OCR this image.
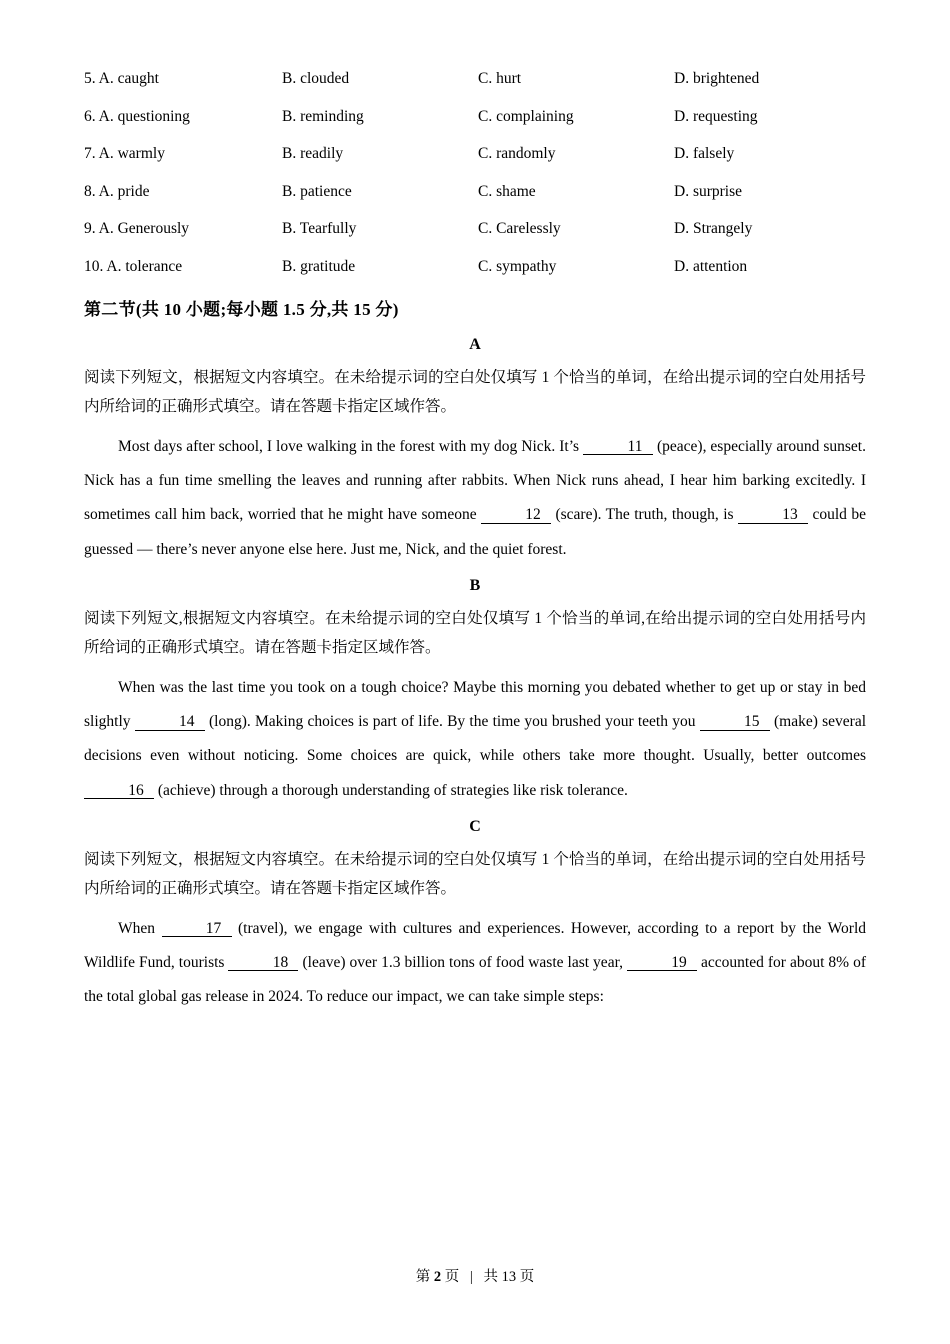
5. A. caught	B. clouded	C. hurt	D. brightened
6. A. questioning	B. reminding	C. complaining	D. requesting
7. A. warmly	B. readily	C. randomly	D. falsely
8. A. pride	B. patience	C. shame	D. surprise
9. A. Generously	B. Tearfully	C. Carelessly	D. Strangely
10. A. tolerance	B. gratitude	C. sympathy	D. attention
第二节(共 10 小题;每小题 1.5 分,共 15 分)
A
阅读下列短文，根据短文内容填空。在未给提示词的空白处仅填写 1 个恰当的单词，在给出提示词的空白处用括号内所给词的正确形式填空。请在答题卡指定区域作答。
Most days after school, I love walking in the forest with my dog Nick. It’s	11 (peace), especially around sunset. Nick has a fun time smelling the leaves and running after rabbits. When Nick runs ahead, I hear him barking excitedly. I sometimes call him back, worried that he might have someone	12 (scare). The truth, though, is	13 could be guessed — there’s never anyone else here. Just me, Nick, and the quiet forest.
B
阅读下列短文,根据短文内容填空。在未给提示词的空白处仅填写 1 个恰当的单词,在给出提示词的空白处用括号内所给词的正确形式填空。请在答题卡指定区域作答。
When was the last time you took on a tough choice? Maybe this morning you debated whether to get up or stay in bed slightly	14 (long). Making choices is part of life. By the time you brushed your teeth you	15 (make) several decisions even without noticing. Some choices are quick, while others take more thought. Usually, better outcomes 16 (achieve) through a thorough understanding of strategies like risk tolerance.
C
阅读下列短文，根据短文内容填空。在未给提示词的空白处仅填写 1 个恰当的单词，在给出提示词的空白处用括号内所给词的正确形式填空。请在答题卡指定区域作答。
When	17 (travel), we engage with cultures and experiences. However, according to a report by the World Wildlife Fund, tourists	18 (leave) over 1.3 billion tons of food waste last year,	19 accounted for about 8% of the total global gas release in 2024. To reduce our impact, we can take simple steps:
第 2 页 | 共 13 页
